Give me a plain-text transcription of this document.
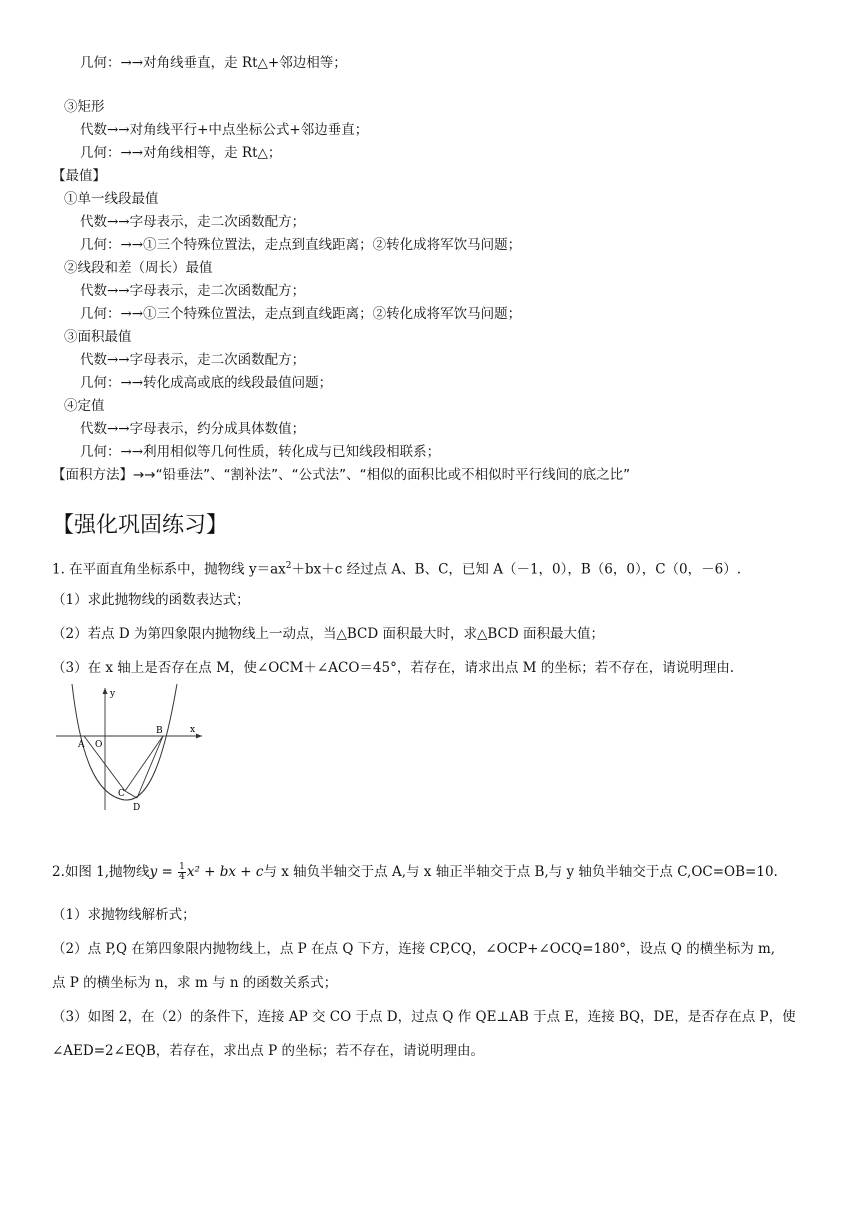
几何：→→对角线垂直，走 Rt△+邻边相等；
③矩形
代数→→对角线平行+中点坐标公式+邻边垂直；
几何：→→对角线相等，走 Rt△；
【最值】
①单一线段最值
代数→→字母表示，走二次函数配方；
几何：→→①三个特殊位置法，走点到直线距离；②转化成将军饮马问题；
②线段和差（周长）最值
代数→→字母表示，走二次函数配方；
几何：→→①三个特殊位置法，走点到直线距离；②转化成将军饮马问题；
③面积最值
代数→→字母表示，走二次函数配方；
几何：→→转化成高或底的线段最值问题；
④定值
代数→→字母表示，约分成具体数值；
几何：→→利用相似等几何性质，转化成与已知线段相联系；
【面积方法】→→“铅垂法”、“割补法”、“公式法”、“相似的面积比或不相似时平行线间的底之比”
【强化巩固练习】
1. 在平面直角坐标系中，抛物线 $y=ax^2+bx+c$ 经过点 A、B、C，已知 A（－1，0），B（6，0），C（0，－6）.
（1）求此抛物线的函数表达式；
（2）若点 D 为第四象限内抛物线上一动点，当△BCD 面积最大时，求△BCD 面积最大值；
（3）在 x 轴上是否存在点 M，使∠OCM＋∠ACO＝45°，若存在，请求出点 M 的坐标；若不存在，请说明理由.
y
x
A O
B
C
D
2.如图 1,抛物线$y = \frac{1}{4} x^2$ + bx + c与 x 轴负半轴交于点 A,与 x 轴正半轴交于点 B,与 y 轴负半轴交于点 C,OC=OB=10.
（1）求抛物线解析式；
（2）点 P,Q 在第四象限内抛物线上，点 P 在点 Q 下方，连接 CP,CQ，∠OCP+∠OCQ=180°，设点 Q 的横坐标为 m,
点 P 的横坐标为 n，求 m 与 n 的函数关系式；
（3）如图 2，在（2）的条件下，连接 AP 交 CO 于点 D，过点 Q 作 QE⊥AB 于点 E，连接 BQ，DE，是否存在点 P，使
∠AED=2∠EQB，若存在，求出点 P 的坐标；若不存在，请说明理由。
